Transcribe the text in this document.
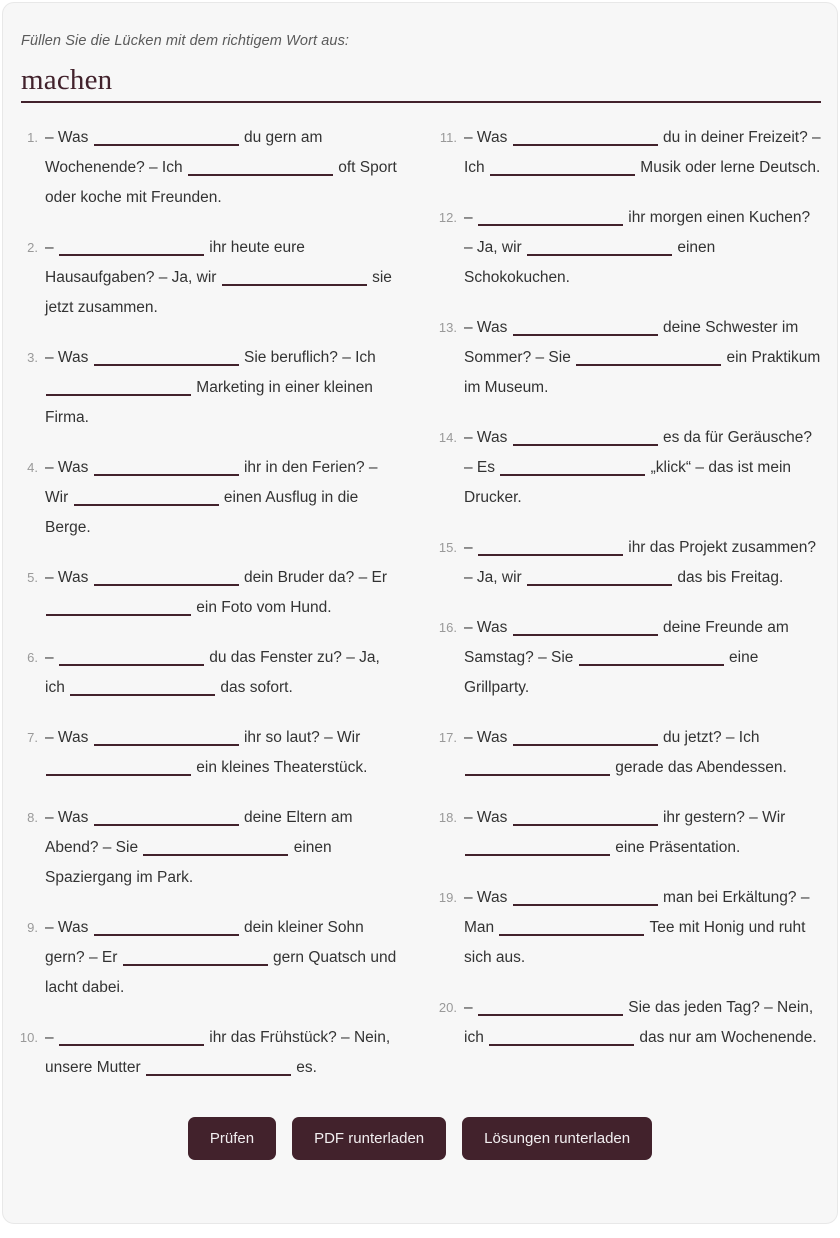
Füllen Sie die Lücken mit dem richtigem Wort aus:
machen
1. – Was	du gern am Wochenende? – Ich	oft Sport oder koche mit Freunden.
2. –	ihr heute eure Hausaufgaben? – Ja, wir	sie jetzt zusammen.
3. – Was	Sie beruflich? – Ich  Marketing in einer kleinen Firma.
4. – Was	ihr in den Ferien? – Wir	einen Ausflug in die Berge.
5. – Was	dein Bruder da? – Er  ein Foto vom Hund.
6. –	du das Fenster zu? – Ja, ich	das sofort.
7. – Was	ihr so laut? – Wir  ein kleines Theaterstück.
8. – Was	deine Eltern am Abend? – Sie	einen Spaziergang im Park.
9. – Was	dein kleiner Sohn gern? – Er	gern Quatsch und lacht dabei.
10. –	ihr das Frühstück? – Nein, unsere Mutter	es.
11. – Was	du in deiner Freizeit? – Ich	Musik oder lerne Deutsch.
12. –	ihr morgen einen Kuchen? – Ja, wir	einen Schokokuchen.
13. – Was	deine Schwester im Sommer? – Sie	ein Praktikum im Museum.
14. – Was	es da für Geräusche? – Es	„klick“ – das ist mein Drucker.
15. –	ihr das Projekt zusammen? – Ja, wir	das bis Freitag.
16. – Was	deine Freunde am Samstag? – Sie	eine Grillparty.
17. – Was	du jetzt? – Ich  gerade das Abendessen.
18. – Was	ihr gestern? – Wir  eine Präsentation.
19. – Was	man bei Erkältung? – Man	Tee mit Honig und ruht sich aus.
20. –	Sie das jeden Tag? – Nein, ich	das nur am Wochenende.
Prüfen	PDF runterladen	Lösungen runterladen
